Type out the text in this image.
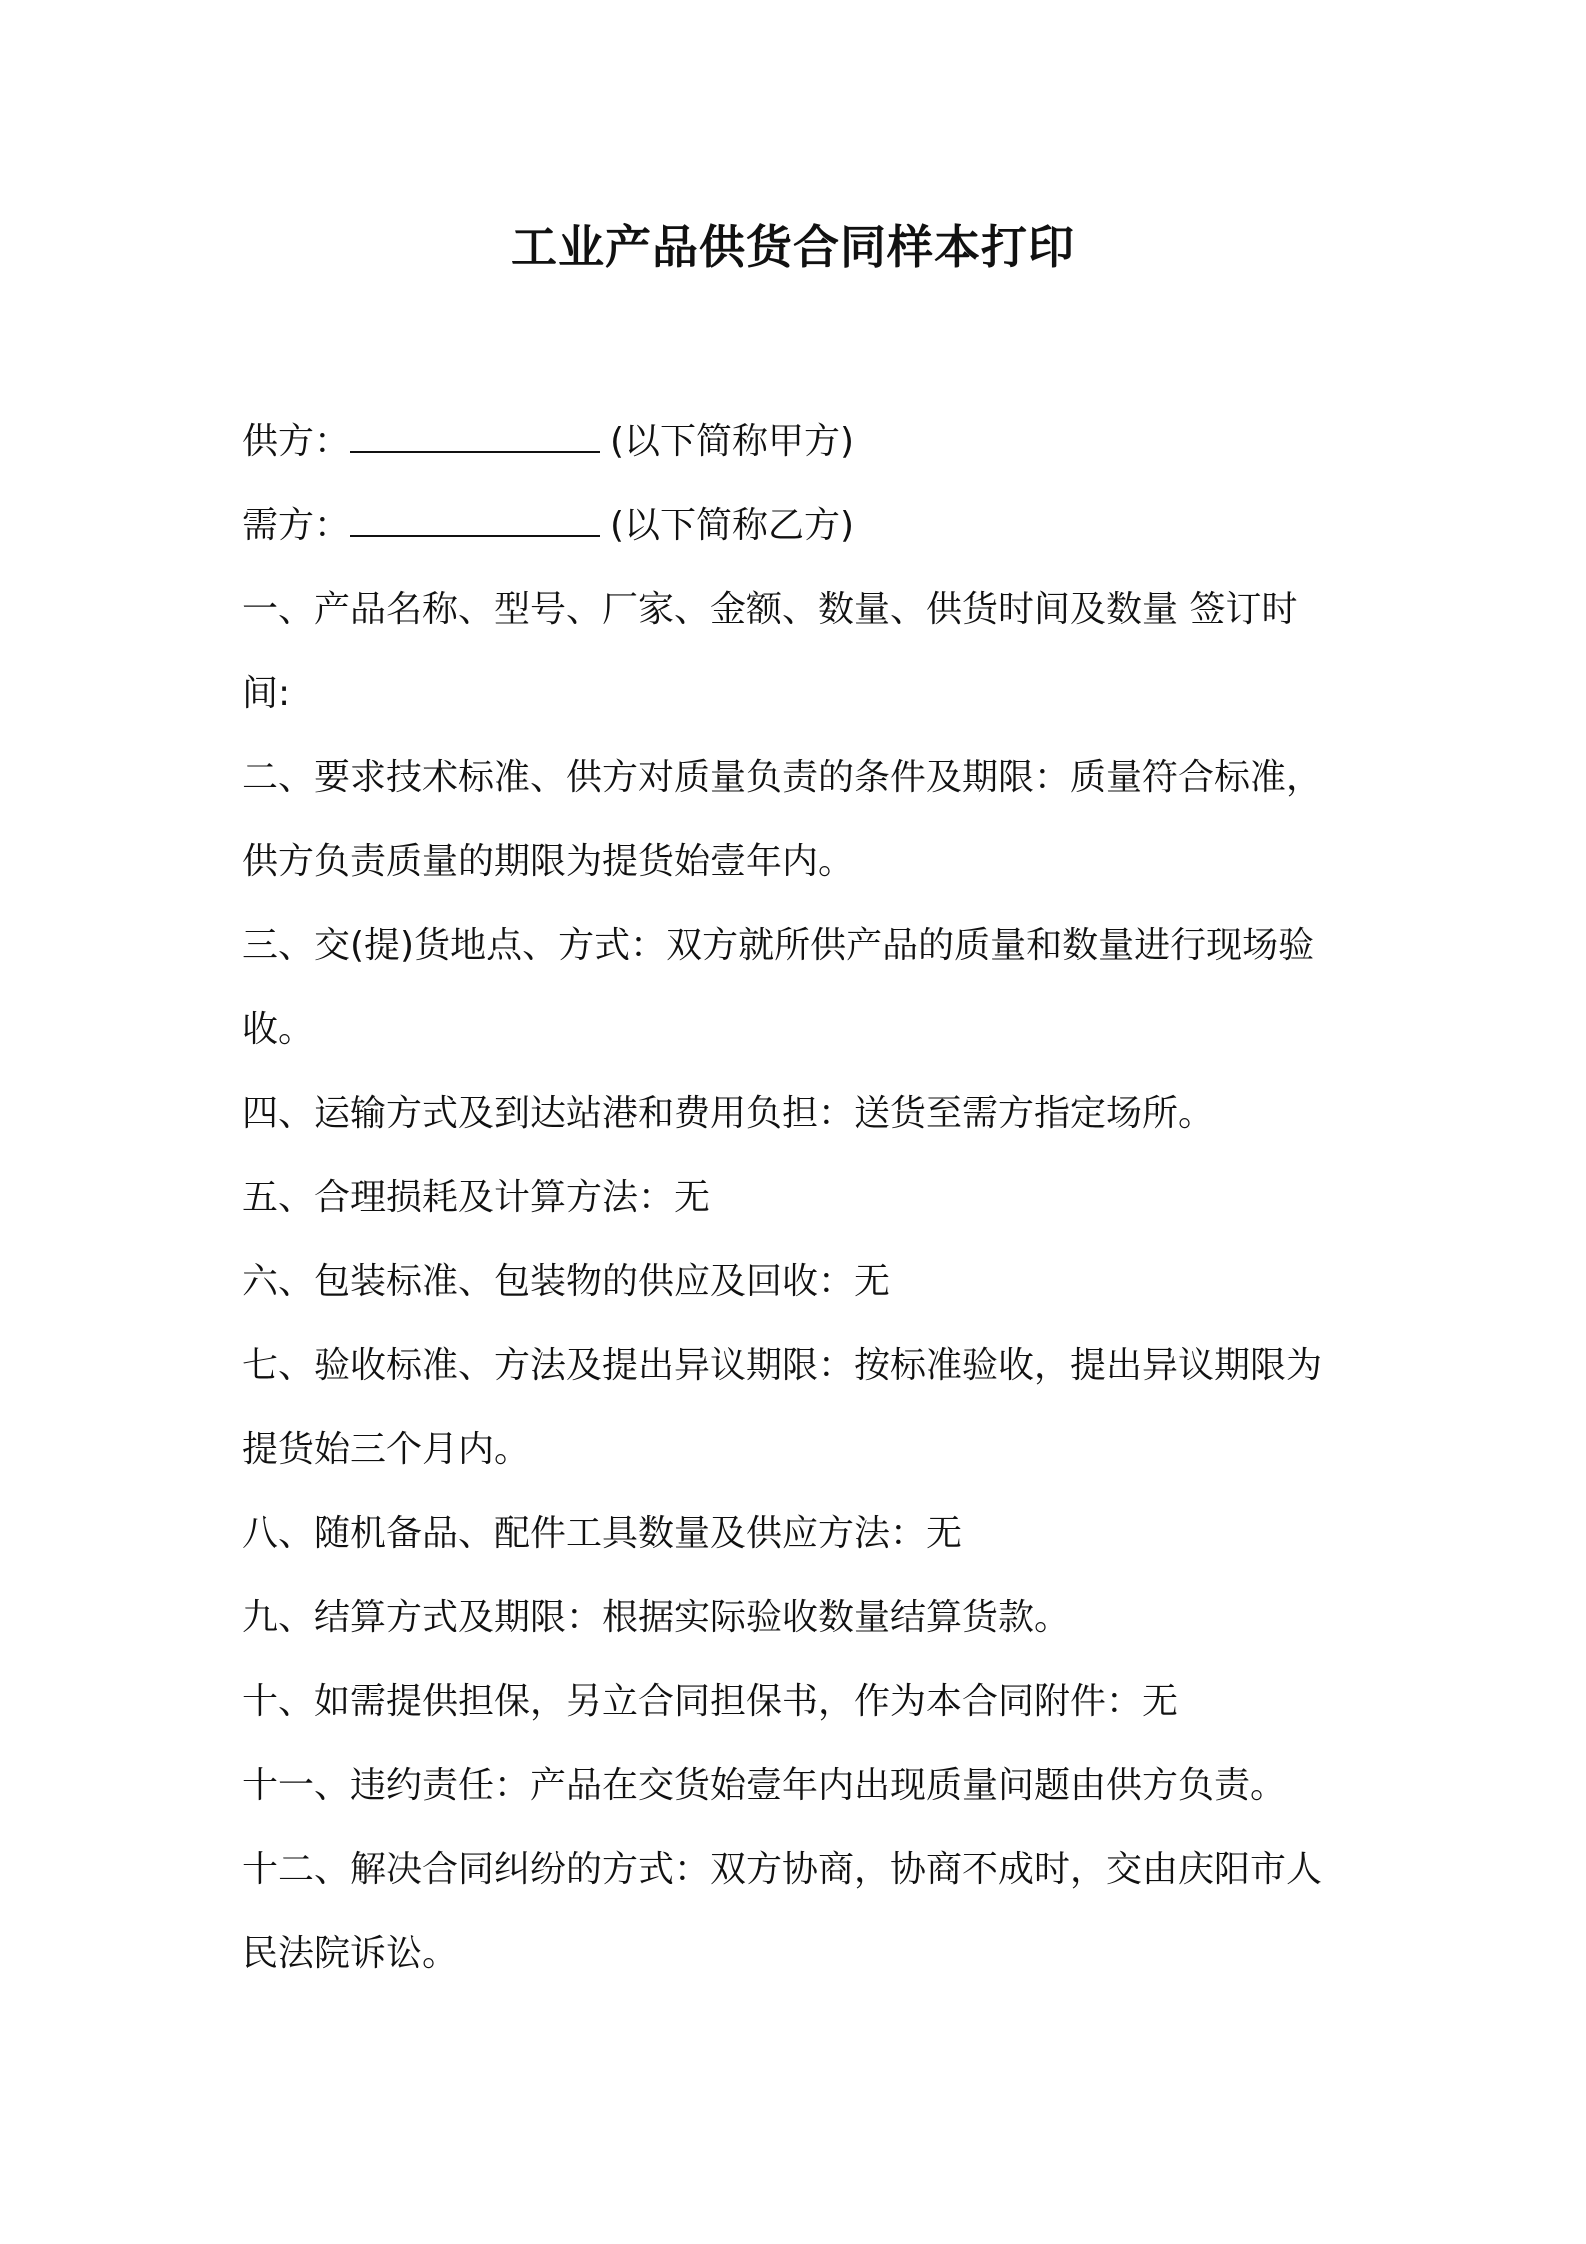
工业产品供货合同样本打印

供方：	(以下简称甲方)

需方：	(以下简称乙方)

一、产品名称、型号、厂家、金额、数量、供货时间及数量 签订时

间:

二、要求技术标准、供方对质量负责的条件及期限：质量符合标准，

供方负责质量的期限为提货始壹年内。

三、交(提)货地点、方式：双方就所供产品的质量和数量进行现场验

收。

四、运输方式及到达站港和费用负担：送货至需方指定场所。

五、合理损耗及计算方法：无

六、包装标准、包装物的供应及回收：无

七、验收标准、方法及提出异议期限：按标准验收，提出异议期限为

提货始三个月内。

八、随机备品、配件工具数量及供应方法：无

九、结算方式及期限：根据实际验收数量结算货款。

十、如需提供担保，另立合同担保书，作为本合同附件：无

十一、违约责任：产品在交货始壹年内出现质量问题由供方负责。

十二、解决合同纠纷的方式：双方协商，协商不成时，交由庆阳市人

民法院诉讼。
